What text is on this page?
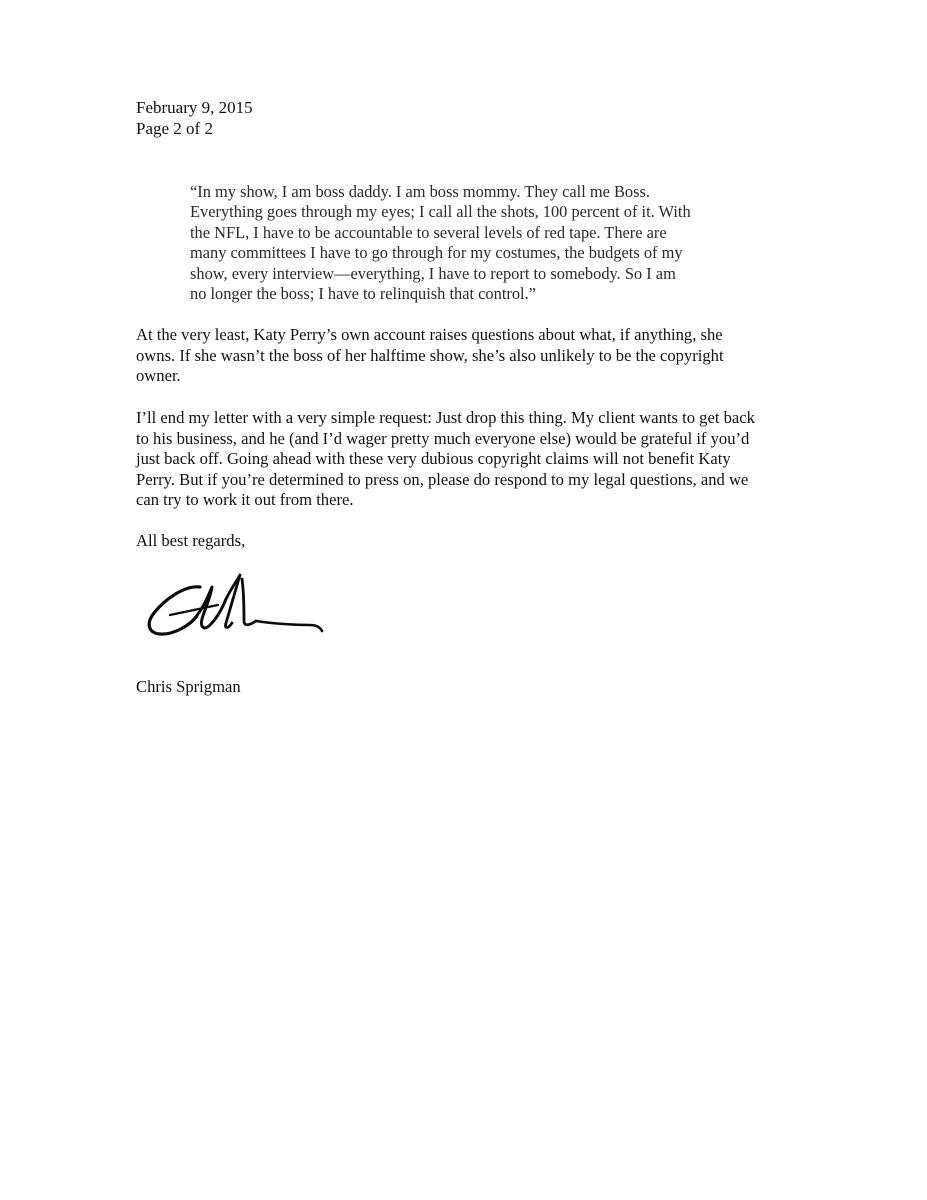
February 9, 2015
Page 2 of 2
“In my show, I am boss daddy. I am boss mommy. They call me Boss.
Everything goes through my eyes; I call all the shots, 100 percent of it. With
the NFL, I have to be accountable to several levels of red tape. There are
many committees I have to go through for my costumes, the budgets of my
show, every interview—everything, I have to report to somebody. So I am
no longer the boss; I have to relinquish that control.”
At the very least, Katy Perry’s own account raises questions about what, if anything, she
owns. If she wasn’t the boss of her halftime show, she’s also unlikely to be the copyright
owner.
I’ll end my letter with a very simple request: Just drop this thing. My client wants to get back
to his business, and he (and I’d wager pretty much everyone else) would be grateful if you’d
just back off. Going ahead with these very dubious copyright claims will not benefit Katy
Perry. But if you’re determined to press on, please do respond to my legal questions, and we
can try to work it out from there.
All best regards,
Chris Sprigman
